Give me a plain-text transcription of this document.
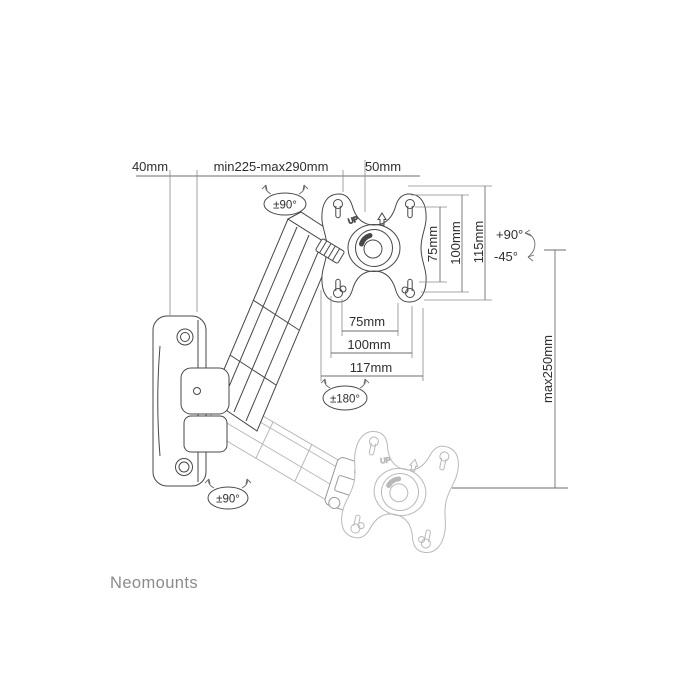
40mm	min225-max290mm	50mm
75mm 100mm 115mm +90°
-45°
max250mm
75mm
100mm
117mm
±90°
±180°
±90°
Neomounts
